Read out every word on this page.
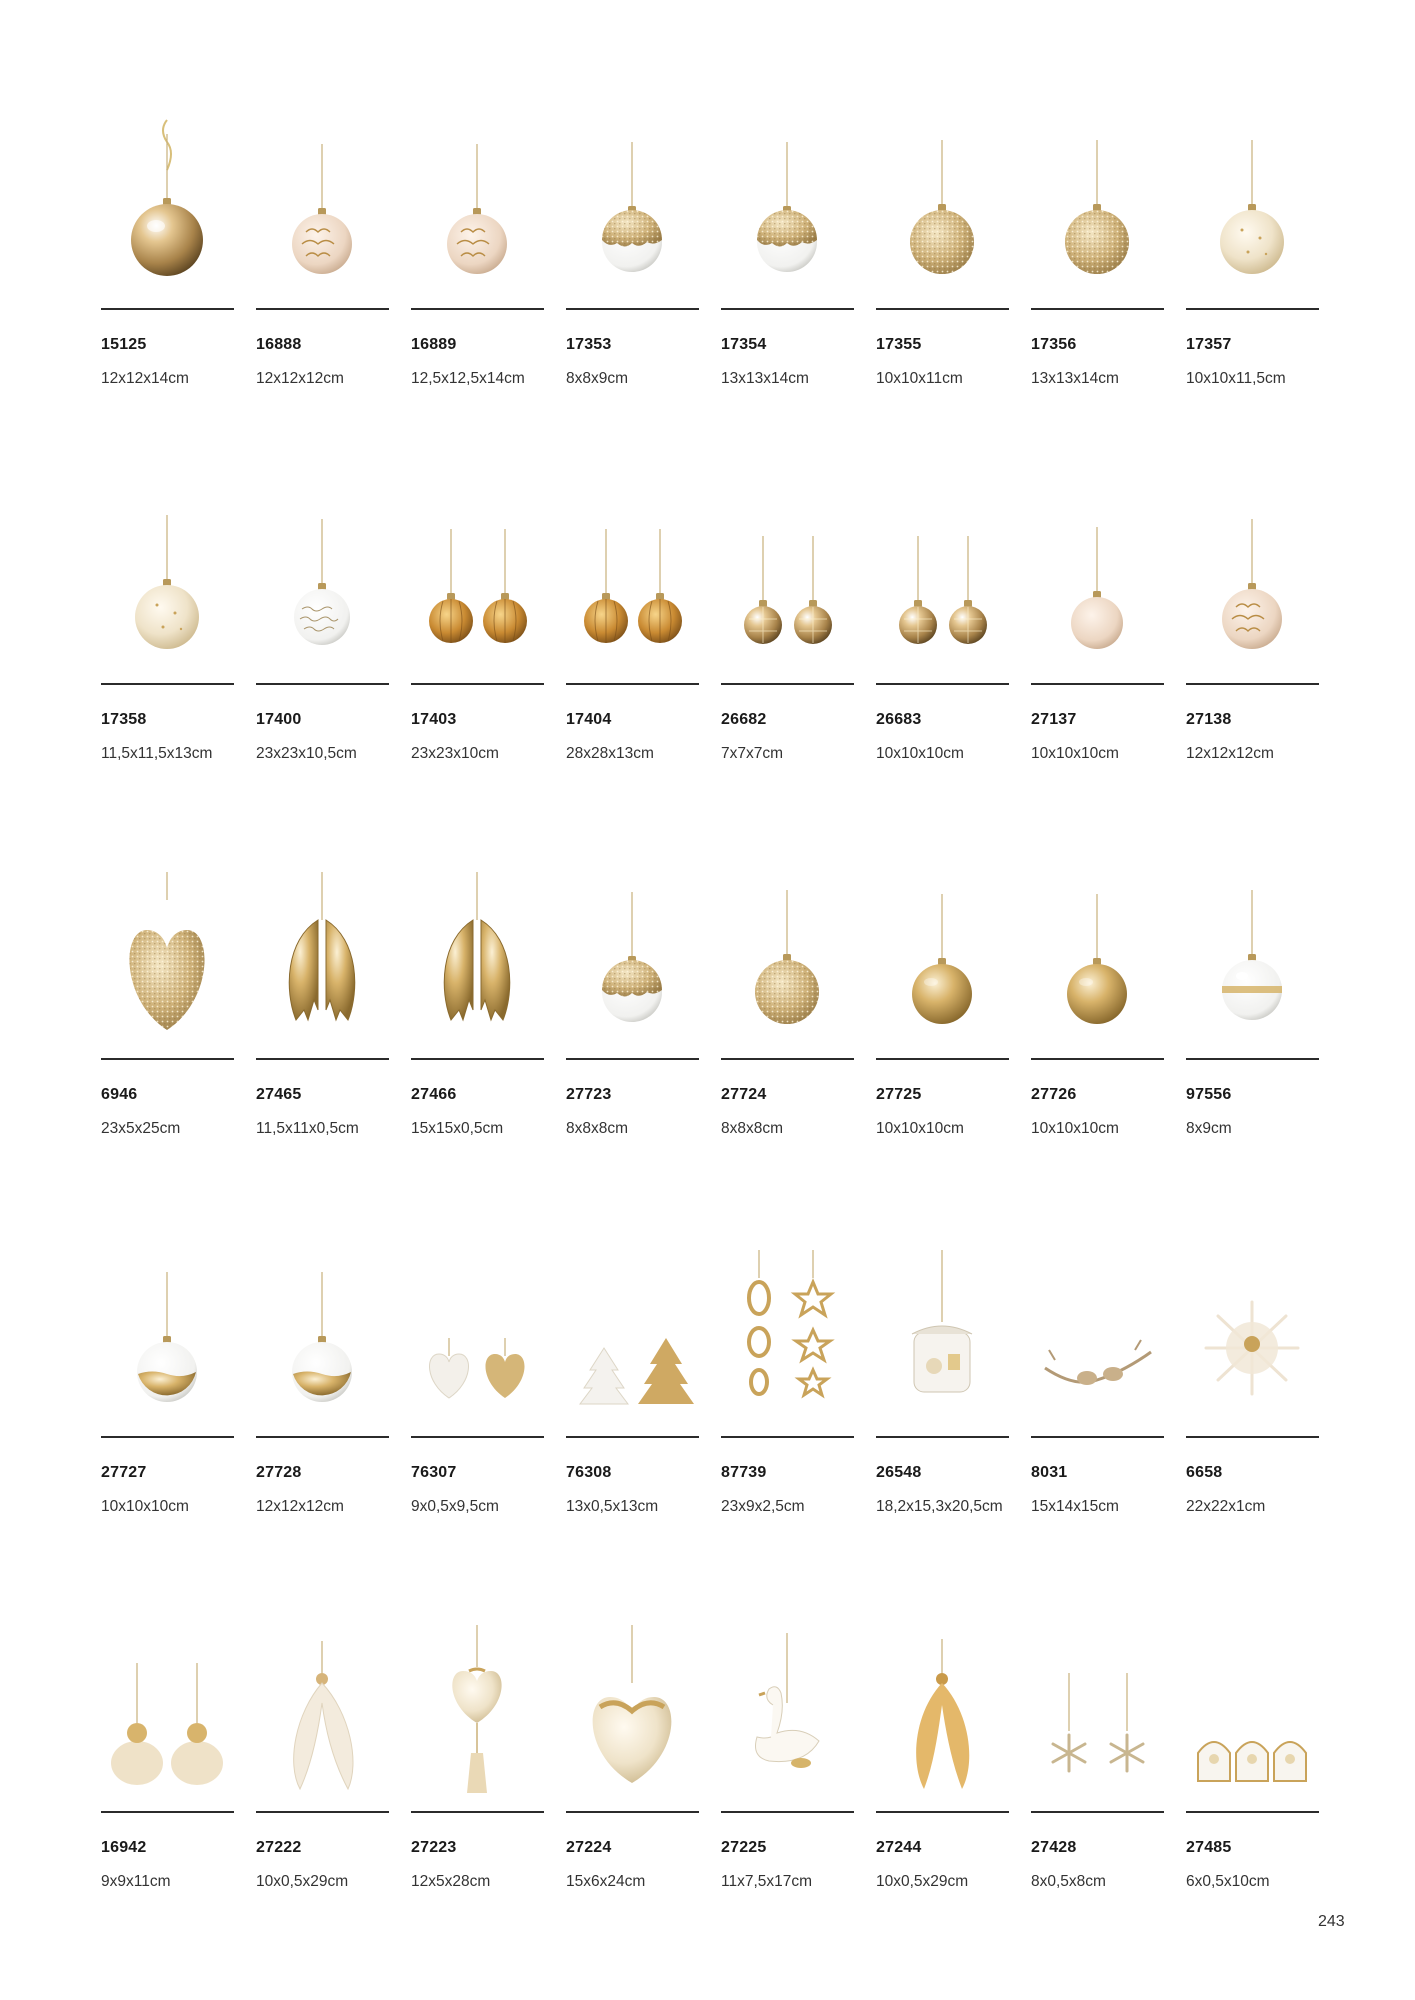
15125
12x12x14cm
16888
12x12x12cm
16889
12,5x12,5x14cm
17353
8x8x9cm
17354
13x13x14cm
17355
10x10x11cm
17356
13x13x14cm
17357
10x10x11,5cm
17358
11,5x11,5x13cm
17400
23x23x10,5cm
17403
23x23x10cm
17404
28x28x13cm
26682
7x7x7cm
26683
10x10x10cm
27137
10x10x10cm
27138
12x12x12cm
6946
23x5x25cm
27465
11,5x11x0,5cm
27466
15x15x0,5cm
27723
8x8x8cm
27724
8x8x8cm
27725
10x10x10cm
27726
10x10x10cm
97556
8x9cm
27727
10x10x10cm
27728
12x12x12cm
76307
9x0,5x9,5cm
76308
13x0,5x13cm
87739
23x9x2,5cm
26548
18,2x15,3x20,5cm
8031
15x14x15cm
6658
22x22x1cm
16942
9x9x11cm
27222
10x0,5x29cm
27223
12x5x28cm
27224
15x6x24cm
27225
11x7,5x17cm
27244
10x0,5x29cm
27428
8x0,5x8cm
27485
6x0,5x10cm
243
